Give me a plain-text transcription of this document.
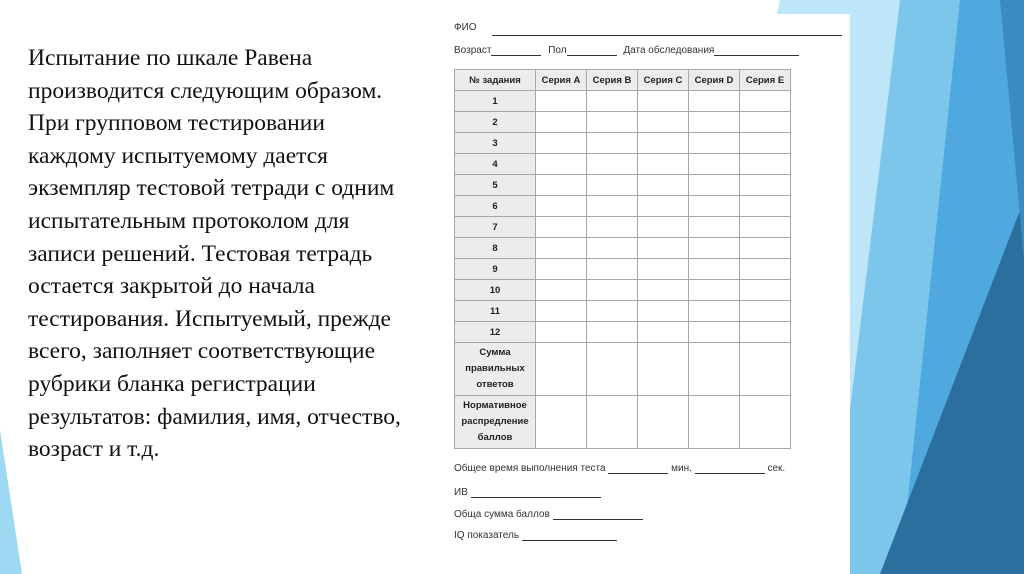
Испытание по шкале Равена производится следующим образом. При групповом тестировании каждому испытуемому дается экземпляр тестовой тетради с одним испытательным протоколом для записи решений. Тестовая тетрадь остается закрытой до начала тестирования. Испытуемый, прежде всего, заполняет соответствующие рубрики бланка регистрации результатов: фамилия, имя, отчество, возраст и т.д.

ФИО
Возраст	Пол	Дата обследования
№ задания	Серия А	Серия В	Серия С	Серия D	Серия Е
1					
2					
3					
4					
5					
6					
7					
8					
9					
10					
11					
12					
Сумма правильных ответов					
Нормативное распредление баллов					
Общее время выполнения теста	мин.	сек.
ИВ
Обща сумма баллов
IQ показатель
